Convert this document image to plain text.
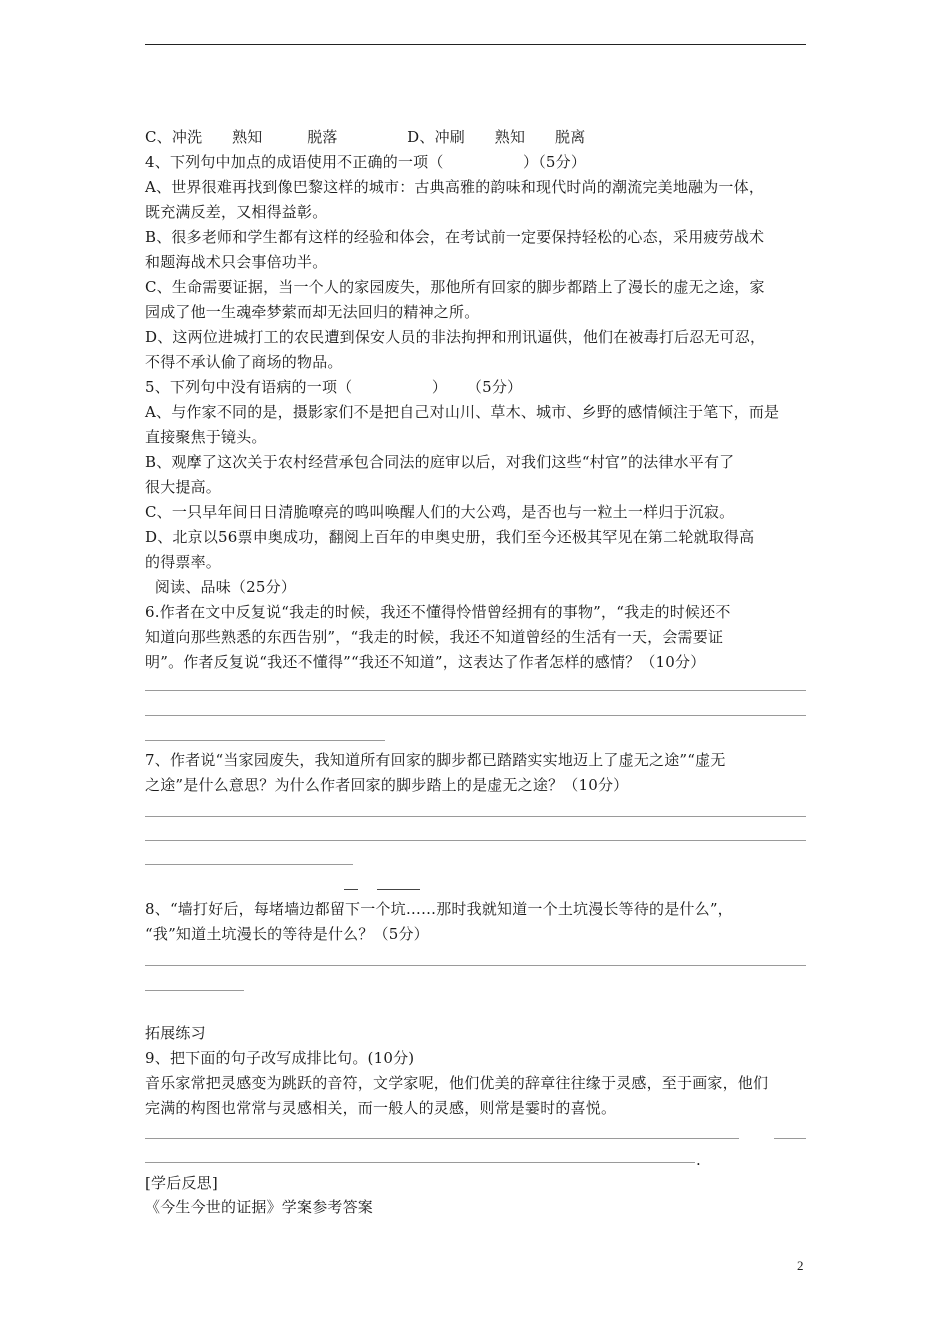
C、冲洗      熟知         脱落              D、冲刷      熟知      脱离
4、下列句中加点的成语使用不正确的一项（                ）（5分）
A、世界很难再找到像巴黎这样的城市：古典高雅的韵味和现代时尚的潮流完美地融为一体，
既充满反差，又相得益彰。
B、很多老师和学生都有这样的经验和体会，在考试前一定要保持轻松的心态，采用疲劳战术
和题海战术只会事倍功半。
C、生命需要证据，当一个人的家园废失，那他所有回家的脚步都踏上了漫长的虚无之途，家
园成了他一生魂牵梦萦而却无法回归的精神之所。
D、这两位进城打工的农民遭到保安人员的非法拘押和刑讯逼供，他们在被毒打后忍无可忍，
不得不承认偷了商场的物品。
5、下列句中没有语病的一项（                ）    （5分）
A、与作家不同的是，摄影家们不是把自己对山川、草木、城市、乡野的感情倾注于笔下，而是
直接聚焦于镜头。
B、观摩了这次关于农村经营承包合同法的庭审以后，对我们这些“村官”的法律水平有了
很大提高。
C、一只早年间日日清脆嘹亮的鸣叫唤醒人们的大公鸡，是否也与一粒土一样归于沉寂。
D、北京以56票申奥成功，翻阅上百年的申奥史册，我们至今还极其罕见在第二轮就取得高
的得票率。
阅读、品味（25分）
6.作者在文中反复说“我走的时候，我还不懂得怜惜曾经拥有的事物”，“我走的时候还不
知道向那些熟悉的东西告别”，“我走的时候，我还不知道曾经的生活有一天，会需要证
明”。作者反复说“我还不懂得”“我还不知道”，这表达了作者怎样的感情？（10分）
7、作者说“当家园废失，我知道所有回家的脚步都已踏踏实实地迈上了虚无之途”“虚无
之途”是什么意思？为什么作者回家的脚步踏上的是虚无之途？（10分）
8、“墙打好后，每堵墙边都留下一个坑……那时我就知道一个土坑漫长等待的是什么”，
“我”知道土坑漫长的等待是什么？（5分）
拓展练习
9、把下面的句子改写成排比句。(10分)
音乐家常把灵感变为跳跃的音符，文学家呢，他们优美的辞章往往缘于灵感，至于画家，他们
完满的构图也常常与灵感相关，而一般人的灵感，则常是霎时的喜悦。
.
[学后反思]
《今生今世的证据》学案参考答案
2
